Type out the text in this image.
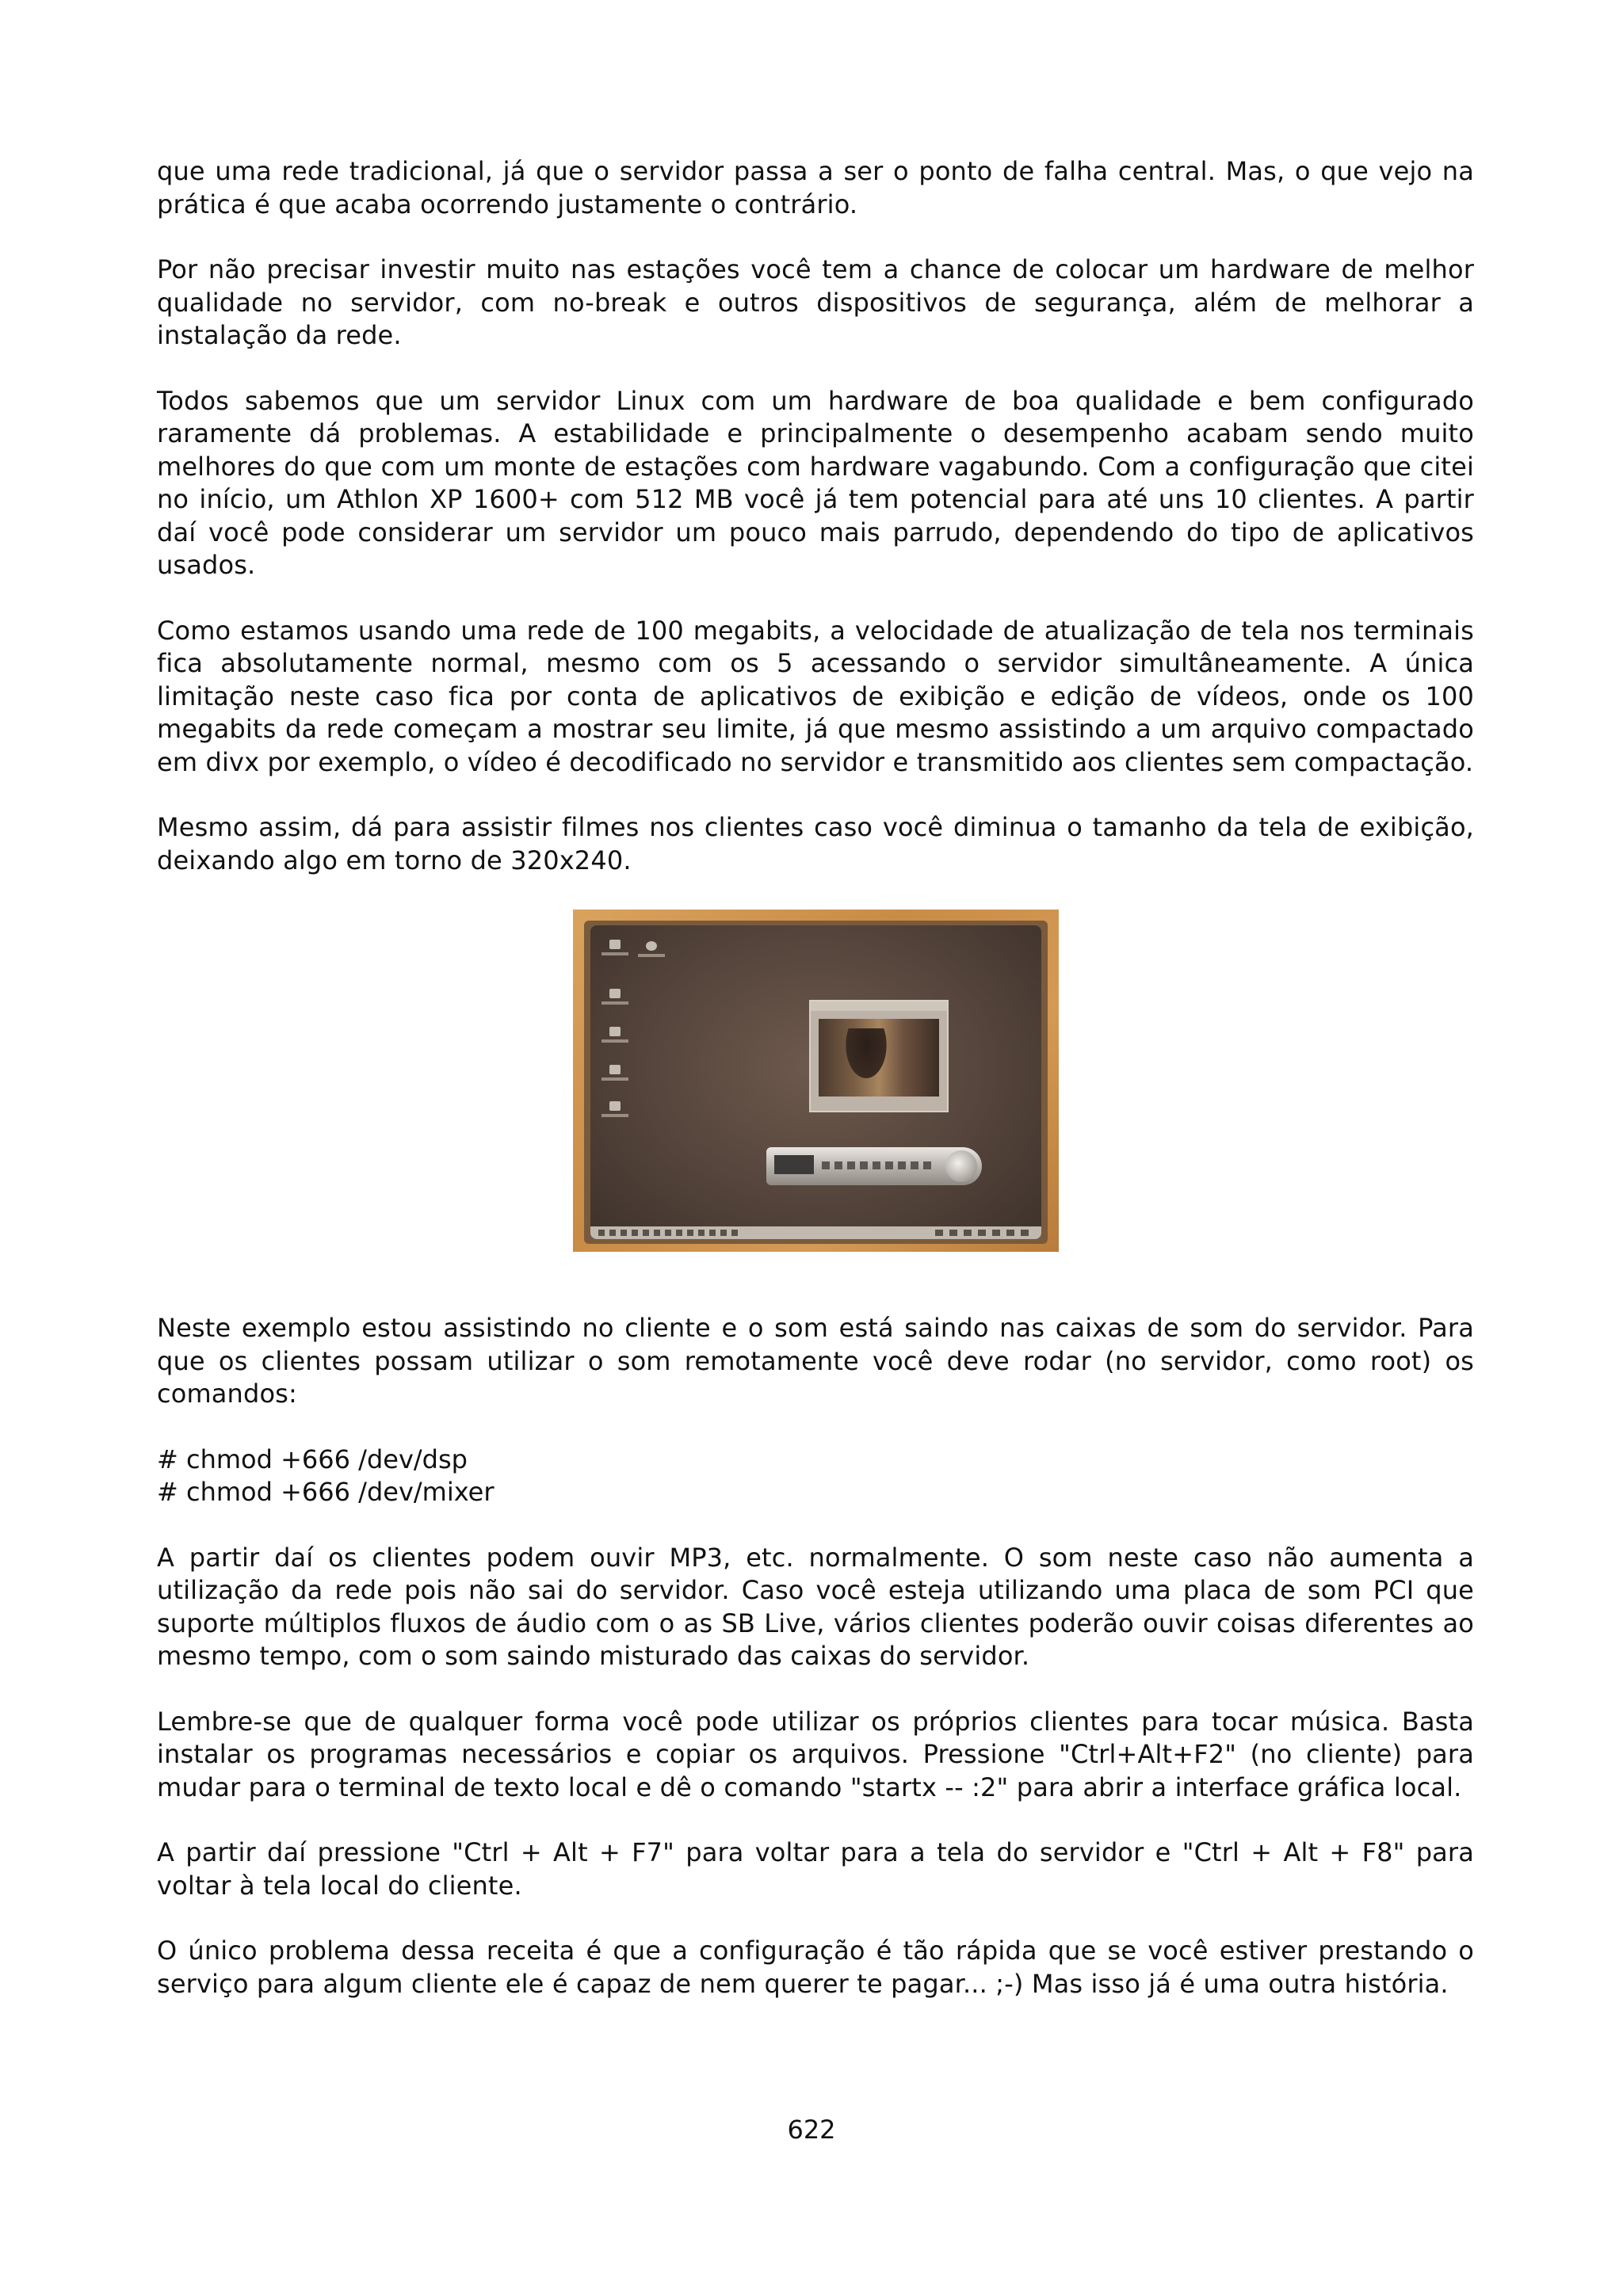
que uma rede tradicional, já que o servidor passa a ser o ponto de falha central. Mas, o que vejo na prática é que acaba ocorrendo justamente o contrário.

Por não precisar investir muito nas estações você tem a chance de colocar um hardware de melhor qualidade no servidor, com no-break e outros dispositivos de segurança, além de melhorar a instalação da rede.

Todos sabemos que um servidor Linux com um hardware de boa qualidade e bem configurado raramente dá problemas. A estabilidade e principalmente o desempenho acabam sendo muito melhores do que com um monte de estações com hardware vagabundo. Com a configuração que citei no início, um Athlon XP 1600+ com 512 MB você já tem potencial para até uns 10 clientes. A partir daí você pode considerar um servidor um pouco mais parrudo, dependendo do tipo de aplicativos usados.

Como estamos usando uma rede de 100 megabits, a velocidade de atualização de tela nos terminais fica absolutamente normal, mesmo com os 5 acessando o servidor simultâneamente. A única limitação neste caso fica por conta de aplicativos de exibição e edição de vídeos, onde os 100 megabits da rede começam a mostrar seu limite, já que mesmo assistindo a um arquivo compactado em divx por exemplo, o vídeo é decodificado no servidor e transmitido aos clientes sem compactação.

Mesmo assim, dá para assistir filmes nos clientes caso você diminua o tamanho da tela de exibição, deixando algo em torno de 320x240.

Neste exemplo estou assistindo no cliente e o som está saindo nas caixas de som do servidor. Para que os clientes possam utilizar o som remotamente você deve rodar (no servidor, como root) os comandos:

# chmod +666 /dev/dsp
# chmod +666 /dev/mixer

A partir daí os clientes podem ouvir MP3, etc. normalmente. O som neste caso não aumenta a utilização da rede pois não sai do servidor. Caso você esteja utilizando uma placa de som PCI que suporte múltiplos fluxos de áudio com o as SB Live, vários clientes poderão ouvir coisas diferentes ao mesmo tempo, com o som saindo misturado das caixas do servidor.

Lembre-se que de qualquer forma você pode utilizar os próprios clientes para tocar música. Basta instalar os programas necessários e copiar os arquivos. Pressione "Ctrl+Alt+F2" (no cliente) para mudar para o terminal de texto local e dê o comando "startx -- :2" para abrir a interface gráfica local.

A partir daí pressione "Ctrl + Alt + F7" para voltar para a tela do servidor e "Ctrl + Alt + F8" para voltar à tela local do cliente.

O único problema dessa receita é que a configuração é tão rápida que se você estiver prestando o serviço para algum cliente ele é capaz de nem querer te pagar... ;-) Mas isso já é uma outra história.

622
